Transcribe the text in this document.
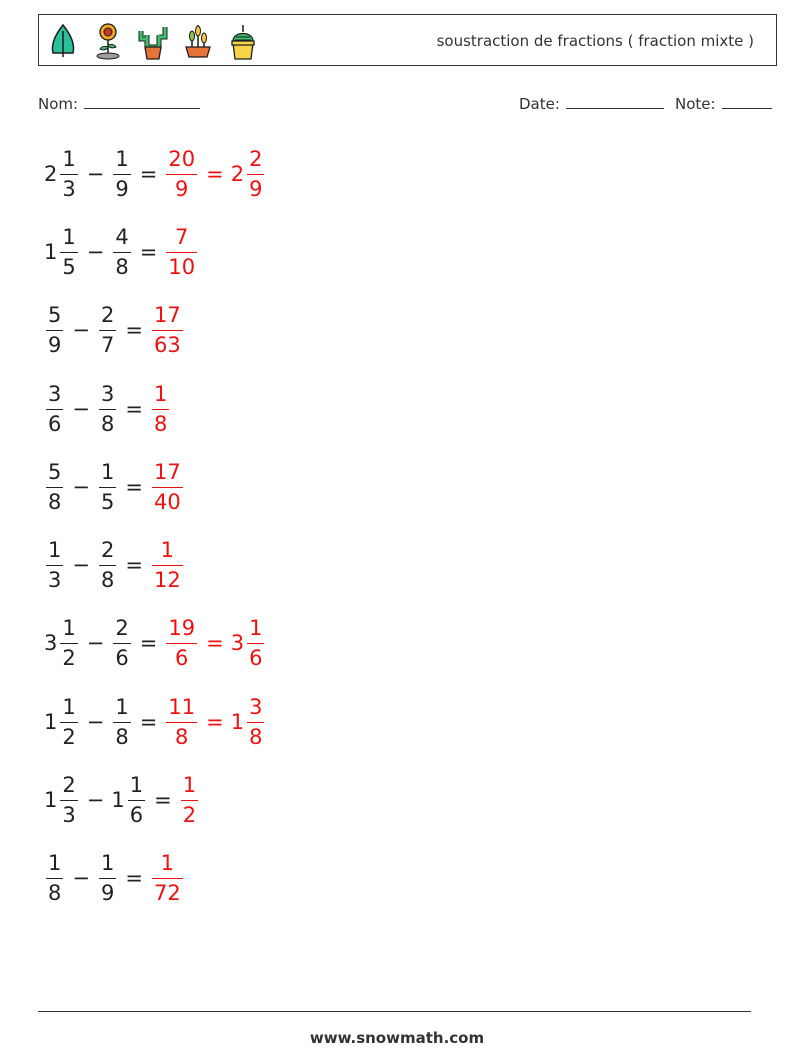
soustraction de fractions ( fraction mixte )
Nom:	Date:	Note:
$2 \frac{1}{3} - \frac{1}{9} = \frac{20}{9} = 2 \frac{2}{9}$
$1 \frac{1}{5} - \frac{4}{8} = \frac{7}{10}$
$\frac{5}{9} - \frac{2}{7} = \frac{17}{63}$
$\frac{3}{6} - \frac{3}{8} = \frac{1}{8}$
$\frac{5}{8} - \frac{1}{5} = \frac{17}{40}$
$\frac{1}{3} - \frac{2}{8} = \frac{1}{12}$
$3 \frac{1}{2} - \frac{2}{6} = \frac{19}{6} = 3 \frac{1}{6}$
$1 \frac{1}{2} - \frac{1}{8} = \frac{11}{8} = 1 \frac{3}{8}$
$1 \frac{2}{3} - 1 \frac{1}{6} = \frac{1}{2}$
$\frac{1}{8} - \frac{1}{9} = \frac{1}{72}$
www.snowmath.com
